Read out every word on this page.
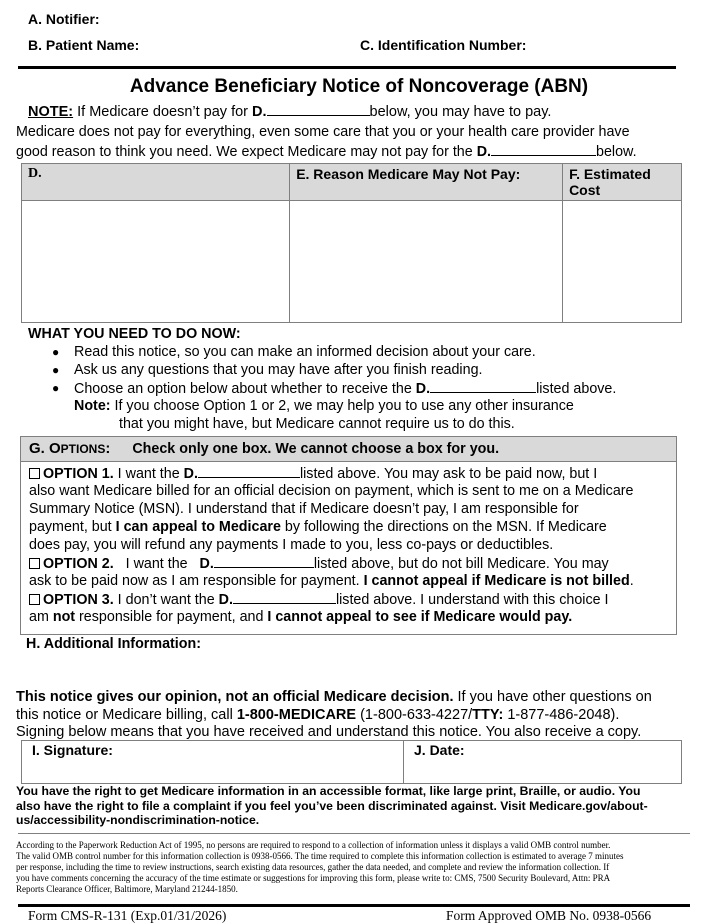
A. Notifier:
B. Patient Name:	C. Identification Number:
Advance Beneficiary Notice of Noncoverage (ABN)
NOTE: If Medicare doesn’t pay for D.	below, you may have to pay.
Medicare does not pay for everything, even some care that you or your health care provider have
good reason to think you need. We expect Medicare may not pay for the D.	below.
D.	E. Reason Medicare May Not Pay:	F. Estimated
Cost

WHAT YOU NEED TO DO NOW:
● Read this notice, so you can make an informed decision about your care.
● Ask us any questions that you may have after you finish reading.
● Choose an option below about whether to receive the D.	listed above.
Note: If you choose Option 1 or 2, we may help you to use any other insurance
that you might have, but Medicare cannot require us to do this.
G. OPTIONS: Check only one box. We cannot choose a box for you.
OPTION 1. I want the D.	listed above. You may ask to be paid now, but I
also want Medicare billed for an official decision on payment, which is sent to me on a Medicare
Summary Notice (MSN). I understand that if Medicare doesn’t pay, I am responsible for
payment, but I can appeal to Medicare by following the directions on the MSN. If Medicare
does pay, you will refund any payments I made to you, less co-pays or deductibles.
OPTION 2.   I want the   D.	listed above, but do not bill Medicare. You may
ask to be paid now as I am responsible for payment. I cannot appeal if Medicare is not billed.
OPTION 3. I don’t want the D.	listed above. I understand with this choice I
am not responsible for payment, and I cannot appeal to see if Medicare would pay.
H. Additional Information:
This notice gives our opinion, not an official Medicare decision. If you have other questions on
this notice or Medicare billing, call 1-800-MEDICARE (1-800-633-4227/TTY: 1-877-486-2048).
Signing below means that you have received and understand this notice. You also receive a copy.
I. Signature:	J. Date:
You have the right to get Medicare information in an accessible format, like large print, Braille, or audio. You
also have the right to file a complaint if you feel you’ve been discriminated against. Visit Medicare.gov/about-
us/accessibility-nondiscrimination-notice.
According to the Paperwork Reduction Act of 1995, no persons are required to respond to a collection of information unless it displays a valid OMB control number.
The valid OMB control number for this information collection is 0938-0566. The time required to complete this information collection is estimated to average 7 minutes
per response, including the time to review instructions, search existing data resources, gather the data needed, and complete and review the information collection. If
you have comments concerning the accuracy of the time estimate or suggestions for improving this form, please write to: CMS, 7500 Security Boulevard, Attn: PRA
Reports Clearance Officer, Baltimore, Maryland 21244-1850.
Form CMS-R-131 (Exp.01/31/2026)	Form Approved OMB No. 0938-0566
